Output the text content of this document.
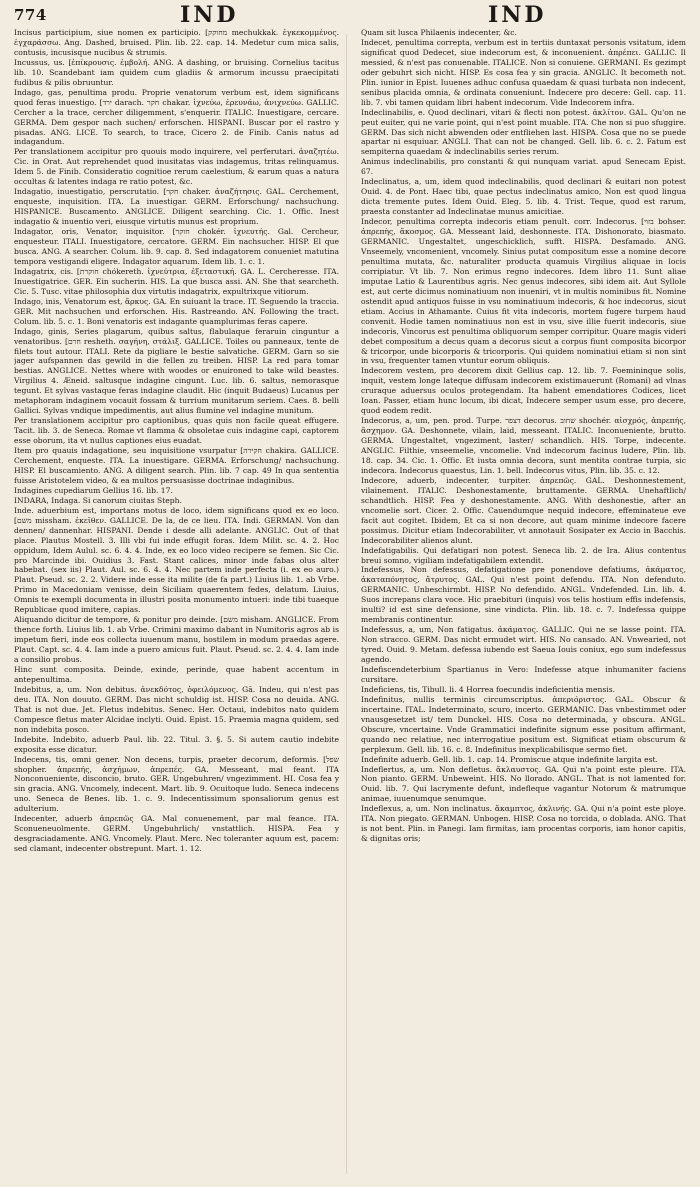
774	IND	IND

Incisus participium, siue nomen ex participio. [מחוקק mechukkak. ἐγκεκομμένος. ἐγχαράσσω. Ang. Dashed, bruised. Plin. lib. 22. cap. 14. Medetur cum mica salis, contusis, incusisque nucibus & strumis.

Incussus, us. [ἐπίκρουσις. ἐμβολή. ANG. A dashing, or bruising. Cornelius tacitus lib. 10. Scandebant iam quidem cum gladiis & armorum incussu praecipitati fudibus & pilis obruuntur.

Indago, gas, penultima produ. Proprie venatorum verbum est, idem significans quod feras inuestigo. [ירד darach. חקר chakar. ἰχνεύω, ἐρευνάω, ἀνιχνεύω. GALLIC. Cercher a la trace, cercher diligemment, s'enquerir. ITALIC. Inuestigare, cercare. GERMA. Dem gespor nach suchen/ erforschen. HISPANI. Buscar por el rastro y pisadas. ANG. LICE. To search, to trace, Cicero 2. de Finib. Canis natus ad indagandum.

Per translationem accipitur pro quouis modo inquirere, vel perferutari. ἀναζητέω. Cic. in Orat. Aut reprehendet quod inusitatas vias indagemus, tritas relinquamus. Idem 5. de Finib. Consideratio cognitioe rerum caelestium, & earum quas a natura occultas & latentes indaga re ratio potest, &c.

Indagatio, inuestigatio, perscrutatio. [חקר chaker. ἀναζήτησις. GAL. Cerchement, enqueste, inquisition. ITA. La inuestigar. GERM. Erforschung/ nachsuchung. HISPANICE. Buscamento. ANGLICE. Diligent searching. Cic. 1. Offic. Inest indagatio & inuentio veri, eiusque virtutis munus est proprium.

Indagator, oris, Venator, inquisitor. [חוקר chokér. ἰχνευτής. Gal. Cercheur, enquesteur. ITALI. Inuestigatore, cercatore. GERM. Ein nachsucher. HISP. El que busca. ANG. A searcher. Colum. lib. 9. cap. 8. Sed indagatorem conueniet matutina tempora vestigandi eligere. Indagator aquarum. Idem lib. 1. c. 1.

Indagatrix, cis. [חוקרת chókereth. ἰχνεύτρια, ἐξεταστική. GA. L. Cercheresse. ITA. Inuestigatrice. GER. Ein sucherin. HIS. La que busca assi. AN. She that searcheth. Cic. 5. Tusc. vitae philosophia dux virtutis indagatrix, expultrixque vitiorum.

Indago, inis, Venatorum est, ἄρκυς. GA. En suiuant la trace. IT. Seguendo la traccia. GER. Mit nachsuchen und erforschen. His. Rastreando. AN. Following the tract. Colum. lib. 5. c. 1. Boni venatoris est indagante quamplurimas feras capere.

Indago, ginis, Series plagarum, quibus saltus, flabulaque feraruin cinguntur a venatoribus. [חרם resheth. σαγήνη, στάλιξ. GALLICE. Toiles ou panneaux, tente de filets tout autour. ITALI. Rete da pigliare le bestie salvatiche. GERM. Garn so sie jager aufspannen das gewild in die fellen zu treiben. HISP. La red para tomar bestias. ANGLICE. Nettes where with woodes or enuironed to take wild beastes. Virgilius 4. Æneid. saltusque indagine cingunt. Luc. lib. 6. saltus, nemorasque tegunt. Et sylvas vastaque feras indagine claudit. Hic (inquit Budaeus) Lucanus per metaphoram indaginem vocauit fossam & turrium munitarum seriem. Caes. 8. belli Gallici. Sylvas vndique impedimentis, aut alius flumine vel indagine munitum.

Per translationem accipitur pro captionibus, quas quis non facile queat effugere. Tacit. lib. 3. de Seneca. Romae vt flamma & obsoletae cuis indagine capi, captorem esse oborum, ita vt nullus captiones eius euadat.

Item pro quauis indagatione, seu inquisitione vsurpatur [חקירה chakira. GALLICE. Cerchement, enqueste. ITA. La inuestigare. GERMA. Erforschung/ nachsuchung. HISP. El buscamiento. ANG. A diligent search. Plin. lib. 7 cap. 49 In qua sententia fuisse Aristotelem video, & ea multos persuasisse doctrinae indaginibus.

Indagines cupediarum Gellius 16. lib. 17.

INDARA, Indaga. Si canorum ciuitas Steph.

Inde. aduerbium est, importans motus de loco, idem significans quod ex eo loco. [משם missham. ἐκεῖθεν. GALLICE. De la, de ce lieu. ITA. Indi. GERMAN. Von dan dennen/ dannenhar. HISPANI. Dende i desde alli adelante. ANGLIC. Out of that place. Plautus Mostell. 3. Illi vbi fui inde effugit foras. Idem Milit. sc. 4. 2. Hoc oppidum, Idem Aulul. sc. 6. 4. 4. Inde, ex eo loco video recipere se femen. Sic Cic. pro Marcinde ibi. Ouidius 3. Fast. Stant calices, minor inde fabas olus alter habebat. (sex iis) Plaut. Aul. sc. 6. 4. 4. Nec partem inde perfecta (i. ex eo auro.) Plaut. Pseud. sc. 2. 2. Videre inde esse ita milite (de fa part.) Liuius lib. 1. ab Vrbe. Primo in Macedoniam venisse, dein Siciliam quaerentem fedes, delatum. Liuius, Omnis te exempli documenta in illustri posita monumento intueri: inde tibi tuaeque Republicae quod imitere, capias.

Aliquando dicitur de tempore, & ponitur pro deinde. [משם misham. ANGLICE. From thence forth. Liuius lib. 1. ab Vrbe. Crimini maximo dabant in Numitoris agros ab is impetum fieri, inde eos collecta iuuenum manu, hostilem in modum praedas agere. Plaut. Capt. sc. 4. 4. Iam inde a puero amicus fuit. Plaut. Pseud. sc. 2. 4. 4. Iam inde a consilio probus.

Hinc sunt composita. Deinde, exinde, perinde, quae habent accentum in antepenultima.

Indebitus, a, um. Non debitus. ἀνεκδότος, ὀφειλόμενος. Gā. Indeu, qui n'est pas deu. ITA. Non douuto. GERM. Das nicht schuldig ist. HISP. Cosa no deuida. ANG. That is not due. Jet. Fletus indebitus. Senec. Her. Octaui, indebitos nato quidem Compesce fletus mater Alcidae inclyti. Ouid. Epist. 15. Praemia magna quidem, sed non indebita posco.

Indebite. Indebito, aduerb Paul. lib. 22. Titul. 3. §. 5. Si autem cautio indebite exposita esse dicatur.

Indecens, tis, omni gener. Non decens, turpis, praeter decorum, deformis. [שפל shopher. ἀπρεπής, ἀσχήμων, ἀπρεπές. GA. Messeant, mal feant. ITA Nonconueniente, disconcio, bruto. GER. Ungebuhren/ vngezimment. HI. Cosa fea y sin gracia. ANG. Vncomely, indecent. Mart. lib. 9. Ocuitoque ludo. Seneca indecens uno. Seneca de Benes. lib. 1. c. 9. Indecentissimum sponsaliorum genus est adulterium.

Indecenter, aduerb ἀπρεπῶς GA. Mal conuenement, par mal feance. ITA. Sconueneuolmente. GERM. Ungebuhrlich/ vnstattlich. HISPA. Fea y desgraciadamente. ANG. Vncomely. Plaut. Merc. Nec toleranter aquum est, pacem: sed clamant, indecenter obstrepunt. Mart. 1. 12.

Quam sit lusca Philaenis indecenter, &c.

Indecet, penultima correpta, verbum est in tertiis duntaxat personis vsitatum, idem significat quod Dedecet, siue indecorum est, & inconuenient. ἀπρέπει. GALLIC. Il messied, & n'est pas conuenable. ITALICE. Non si conuiene. GERMANI. Es gezimpt oder gebuhrt sich nicht. HISP. Es cosa fea y sin gracia. ANGLIC. It becometh not. Plin. iunior in Epist. Iuuenes adhuc confusa quaedam & quasi turbata non indecent, senibus placida omnia, & ordinata conueniunt. Indecere pro decere: Gell. cap. 11. lib. 7. vbi tamen quidam libri habent indecorum. Vide Indecorem infra.

Indeclinabilis, e. Quod declinari, vitari & flecti non potest. ἀκλίτον. GAL. Qu'on ne peut euiter, qui ne varie point, qui n'est point muable. ITA. Che non si puo sfuggire. GERM. Das sich nicht abwenden oder entfliehen last. HISPA. Cosa que no se puede apartar ni esquiuar. ANGLI. That can not be changed. Gell. lib. 6. c. 2. Fatum est sempiterna quaedam & indeclinabilis series rerum.

Animus indeclinabilis, pro constanti & qui nunquam variat. apud Senecam Epist. 67.

Indeclinatus, a, um, idem quod indeclinabilis, quod declinari & euitari non potest Ouid. 4. de Pont. Haec tibi, quae pectus indeclinatus amico, Non est quod lingua dicta tremente putes. Idem Ouid. Eleg. 5. lib. 4. Trist. Teque, quod est rarum, praesta constanter ad Indeclinatae munus amicitiae.

Indecor, penultima correpta indecoris etiam penult. corr. Indecorus. [בזוי bohser. ἀπρεπὴς, ἄκοσμος. GA. Messeant laid, deshonneste. ITA. Dishonorato, biasmato. GERMANIC. Ungestaltet, ungeschicklich, sufft. HISPA. Desfamado. ANG. Vnseemely, vncomenient, vncomely. Sinius putat compositum esse a nomine decore penultima mutata, &c. naturaliter producta quamuis Virgilius aliquae in locis corripiatur. Vt lib. 7. Non erimus regno indecores. Idem libro 11. Sunt aliae imputae Latio & Laurentibus agris. Nec genus indecores, sibi idem ait. Aut Syllole est, aut certe dicimus nominatiuum non inueniri, vt in multis nominibus fit. Nomine ostendit apud antiquos fuisse in vsu nominatiuum indecoris, & hoc indecorus, sicut etiam. Accius in Athamante. Cuius fit vita indecoris, mortem fugere turpem haud convenit. Hodie tamen nominatiuus non est in vsu, sive illie fuerit indecoris, siue indecoris, Vincorus est penultima obliquorum semper corripitur. Quare magis videri debet compositum a decus quam a decorus sicut a corpus fiunt composita bicorpor & tricorpor, unde bicorporis & tricorporis. Qui quidem nominatiui etiam si non sint in vsu, frequenter tamen vtuntur eorum obliquis.

Indecorem vestem, pro decorem dixit Gellius cap. 12. lib. 7. Foemininque solis, inquit, vestem longe lateque diffusam indecorem existimauerunt (Romani) ad vlnas cruraque aduersus oculos protegendam. Ita habent emendatiores Codices, licet Ioan. Passer, etiam hunc locum, ibi dicat, Indecere semper usum esse, pro decere, quod eodem redit.

Indecorus, a, um, pen. prod. Turpe. דצפר decorus. שחוב shochér. αἰσχρός, ἀπρεπής, ἄσχημον. GA. Deshonnete, vilain, laid, messeant. ITALIC. Inconueniente, brutto. GERMA. Ungestaltet, vngeziment, laster/ schandlich. HIS. Torpe, indecente. ANGLIC. Filthie, vnseemelie, vncomelie. Vnd indecorum facinus ludere, Plin. lib. 18. cap. 34. Cic. 1. Offic. Et iusta omnia decora, sunt mentita contrae turpia, sic indecora. Indecorus quaestus, Lin. 1. bell. Indecorus vitus, Plin. lib. 35. c. 12.

Indecore, aduerb, indecenter, turpiter. ἀπρεπῶς. GAL. Deshonnestement, vilainement. ITALIC. Deshonestamente, bruttamente. GERMA. Unehaftlich/ schandtlich. HISP. Fea y deshonestamente. ANG. With deshonestie, after an vncomelie sort. Cicer. 2. Offic. Cauendumque nequid indecore, effeminateue eve facit aut cogitet. Ibidem, Et ca si non decore, aut quam minime indecore facere possimus. Dicitur etiam Indecorabiliter, vt annotauit Sosipater ex Accio in Bacchis. Indecorabiliter alienos alunt.

Indefatigabilis. Qui defatigari non potest. Seneca lib. 2. de Ira. Alius contentus breui somno, vigiliam indefatigabilem extendit.

Indefessus, Non defessus, defatigatione pre ponendove defatiums, ἀκάματος, ἀκαταπόνητος, ἄτρυτος. GAL. Qui n'est point defendu. ITA. Non defenduto. GERMANIC. Unbeschirmbt. HISP. No defendido. ANGL. Vndefended. Lin. lib. 4. Suos increpans clara voce. Hic praebituri (inquis) vos telis hostium effis indefensis, inulti? id est sine defensione, sine vindicta. Plin. lib. 18. c. 7. Indefessa quippe membranis continentur.

Indefessus, a, um, Non fatigatus. ἀκάματος. GALLIC. Qui ne se lasse point. ITA. Non stracco. GERM. Das nicht ermudet wirt. HIS. No cansado. AN. Vnwearied, not tyred. Ouid. 9. Metam. defessa iubendo est Saeua Iouis coniux, ego sum indefessus agendo.

Indefiscendeterbium Spartianus in Vero: Indefesse atque inhumaniter faciens cursitare.

Indeficiens, tis, Tibull. li. 4 Horrea foecundis indeficientia mensis.

Indefinitus, nullis terminis circumscriptus. ἀπεριόριστος. GAL. Obscur & incertaine. ITAL. Indeterminato, scuro, incerto. GERMANIC. Das vnbestimmet oder vnausgesetzet ist/ tem Dunckel. HIS. Cosa no determinada, y obscura. ANGL. Obscure, vncertaine. Vnde Grammatici indefinite signum esse positum affirmant, quando nec relatiue, nec interrogatiue positum est. Significat etiam obscurum & perplexum. Gell. lib. 16. c. 8. Indefinitus inexplicabilisque sermo fiet.

Indefinite aduerb. Gell. lib. 1. cap. 14. Promiscue atque indefinite largita est.

Indeflertus, a, um. Non defletus. ἄκλαυστος. GA. Qui n'a point este pleure. ITA. Non pianto. GERM. Unbeweint. HIS. No llorado. ANGL. That is not lamented for. Ouid. lib. 7. Qui lacrymente defunt, indefleque vagantur Notorum & matrumque animae, iuuenumque senumque.

Indeflexus, a, um. Non inclinatus. ἄκαμπτος, ἀκλινής. GA. Qui n'a point este ploye. ITA. Non piegato. GERMAN. Unbogen. HISP. Cosa no torcida, o doblada. ANG. That is not bent. Plin. in Panegi. Iam firmitas, iam procentas corporis, iam honor capitis, & dignitas oris;
